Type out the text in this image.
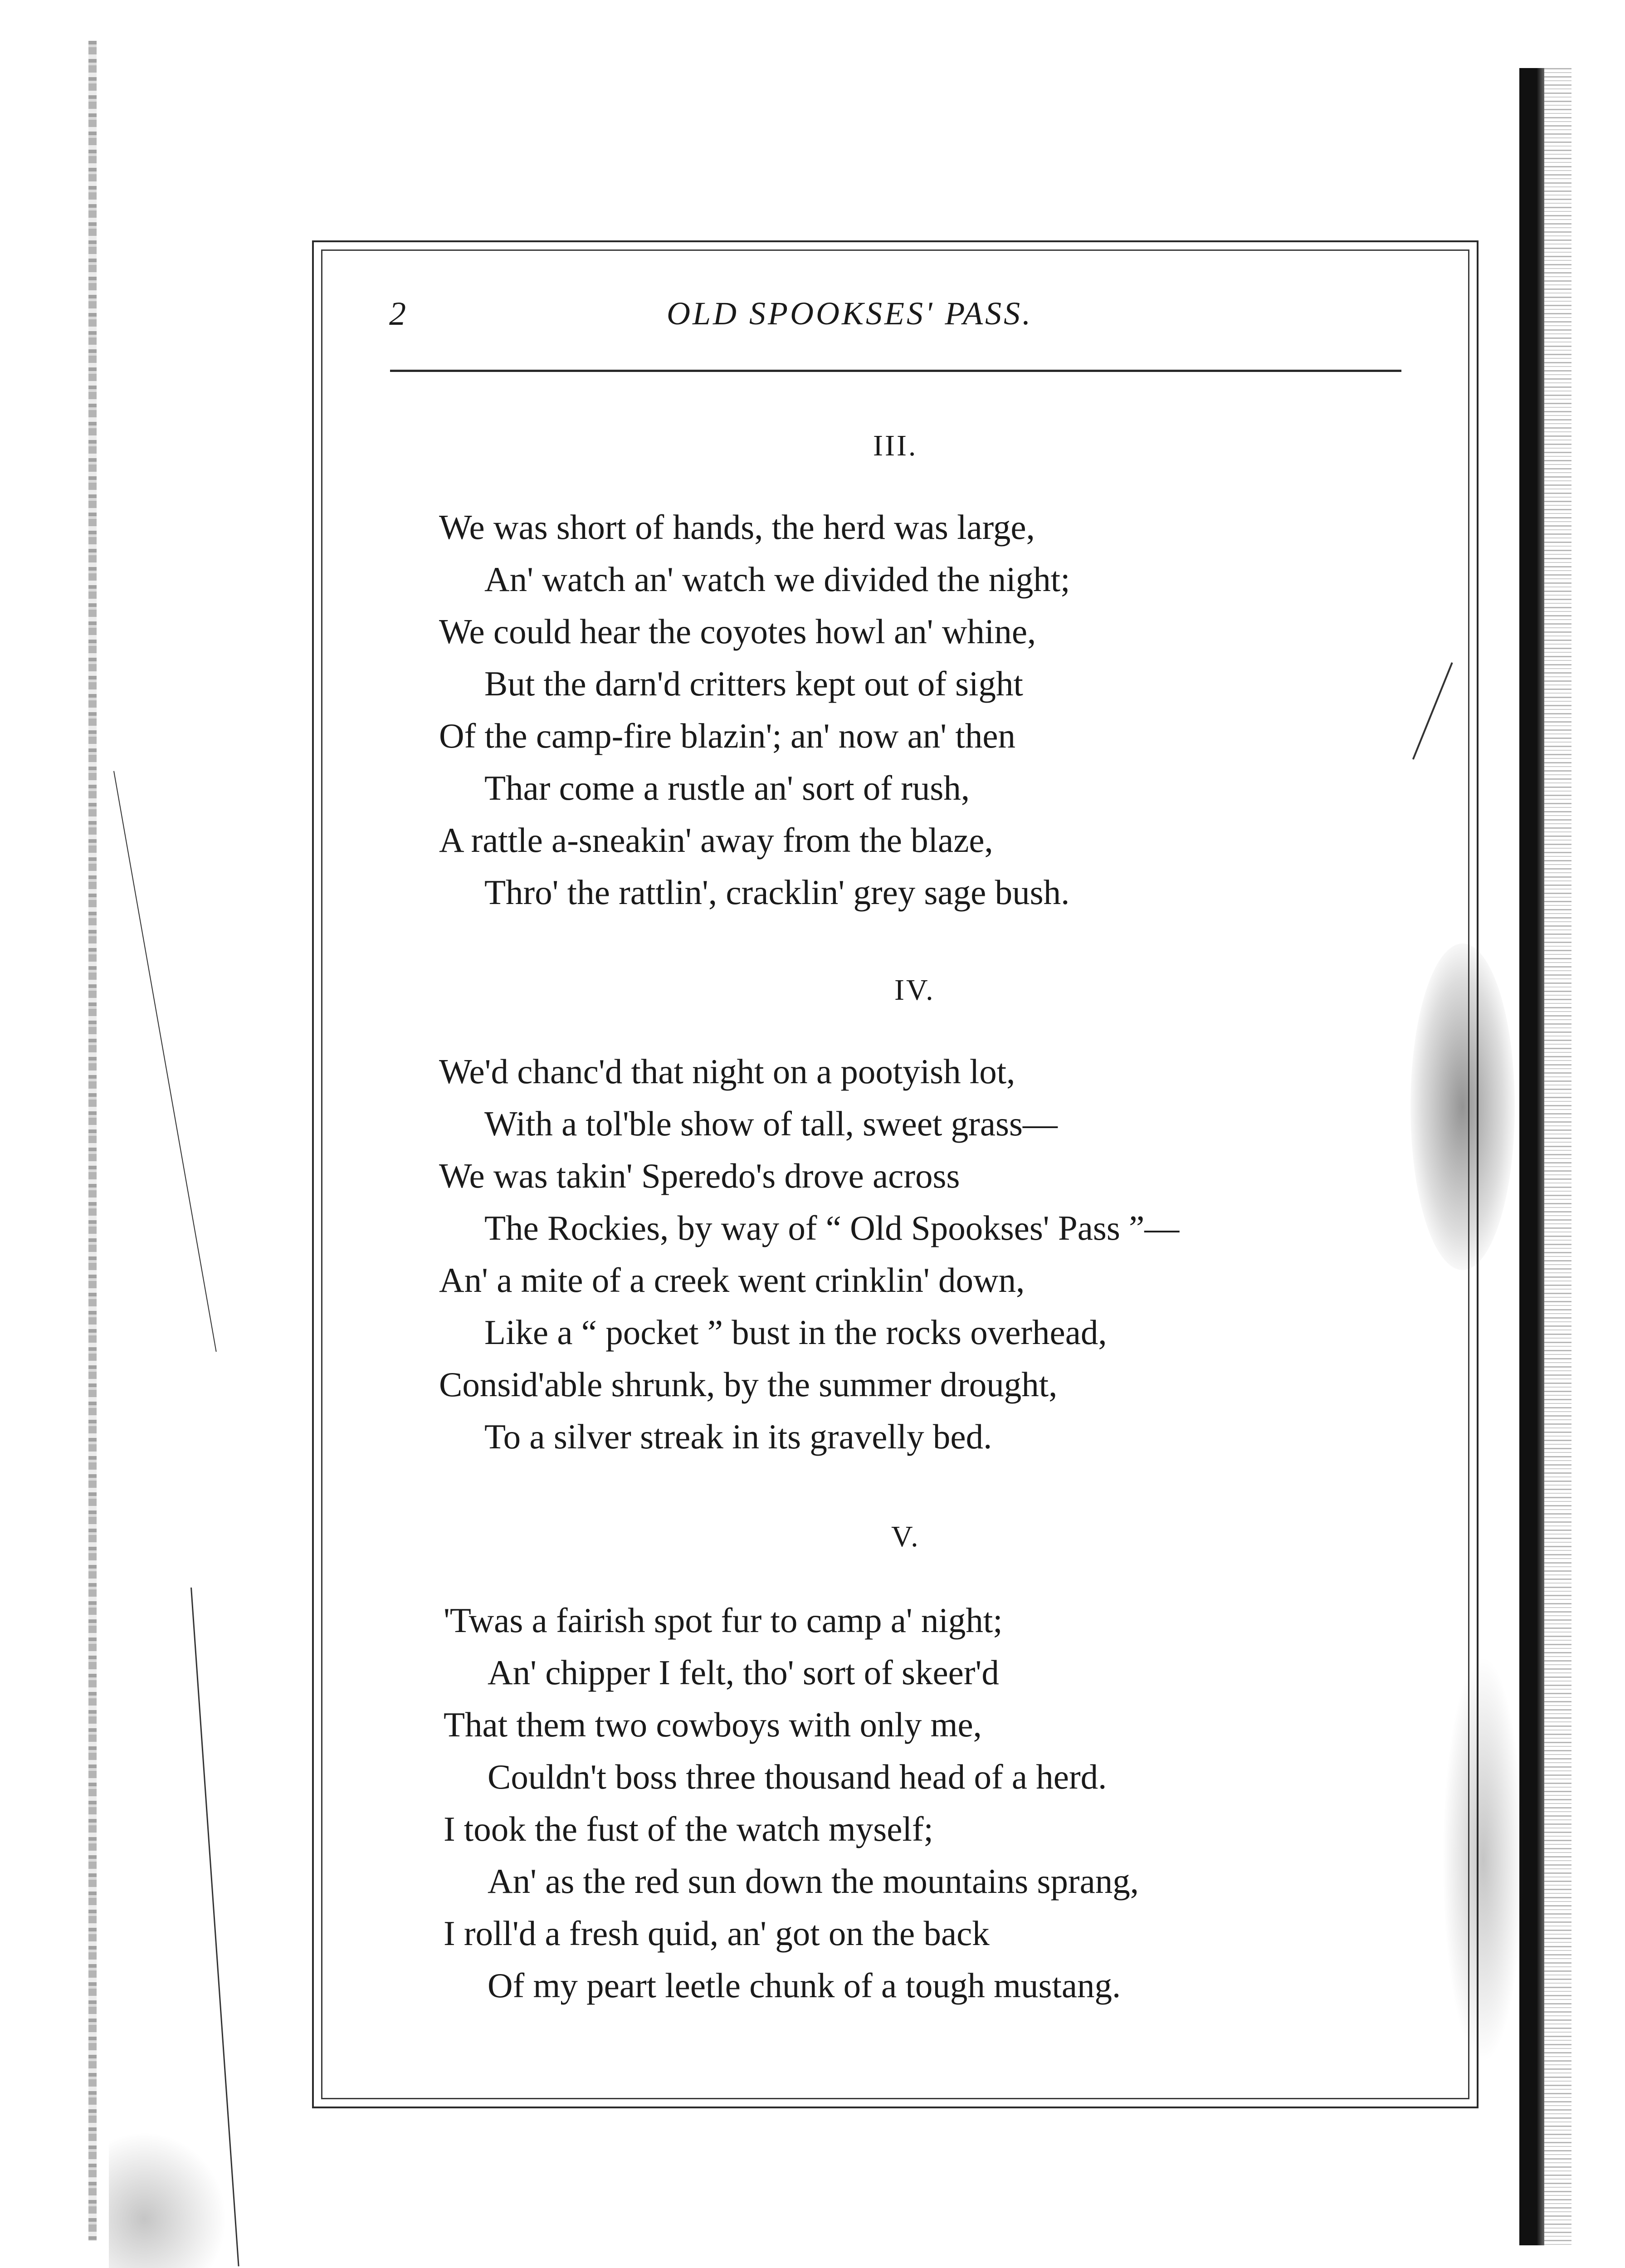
2	OLD SPOOKSES' PASS.
III.
We was short of hands, the herd was large,
An' watch an' watch we divided the night;
We could hear the coyotes howl an' whine,
But the darn'd critters kept out of sight
Of the camp-fire blazin'; an' now an' then
Thar come a rustle an' sort of rush,
A rattle a-sneakin' away from the blaze,
Thro' the rattlin', cracklin' grey sage bush.
IV.
We'd chanc'd that night on a pootyish lot,
With a tol'ble show of tall, sweet grass—
We was takin' Speredo's drove across
The Rockies, by way of “ Old Spookses' Pass ”—
An' a mite of a creek went crinklin' down,
Like a “ pocket ” bust in the rocks overhead,
Consid'able shrunk, by the summer drought,
To a silver streak in its gravelly bed.
V.
'Twas a fairish spot fur to camp a' night;
An' chipper I felt, tho' sort of skeer'd
That them two cowboys with only me,
Couldn't boss three thousand head of a herd.
I took the fust of the watch myself;
An' as the red sun down the mountains sprang,
I roll'd a fresh quid, an' got on the back
Of my peart leetle chunk of a tough mustang.
